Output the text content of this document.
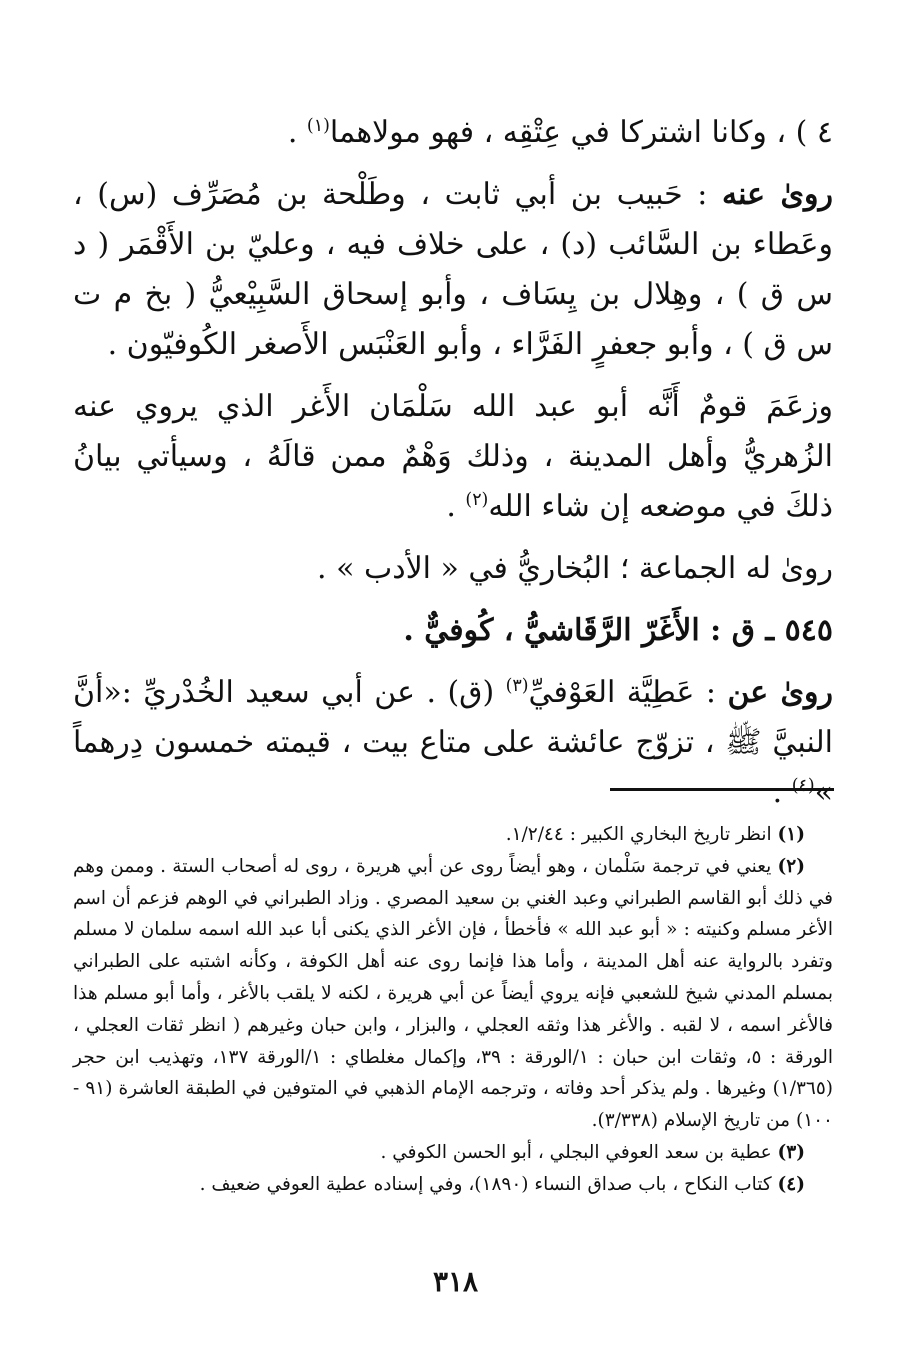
٤ ) ، وكانا اشتركا في عِتْقِه ، فهو مولاهما$^{(١)}$ .

روىٰ عنه : حَبيب بن أبي ثابت ، وطَلْحة بن مُصَرِّف (س) ، وعَطاء بن السَّائب (د) ، على خلاف فيه ، وعليّ بن الأَقْمَر ( د س ق ) ، وهِلال بن يِسَاف ، وأبو إسحاق السَّبِيْعيُّ ( بخ م ت س ق ) ، وأبو جعفرٍ الفَرَّاء ، وأبو العَنْبَس الأَصغر الكُوفيّون .

وزعَمَ قومٌ أَنَّه أبو عبد الله سَلْمَان الأَغر الذي يروي عنه الزُهريُّ وأهل المدينة ، وذلك وَهْمٌ ممن قالَهُ ، وسيأتي بيانُ ذلكَ في موضعه إن شاء الله$^{(٢)}$ .

روىٰ له الجماعة ؛ البُخاريُّ في « الأدب » .

٥٤٥ ـ ق : الأَغَرّ الرَّقَاشيُّ ، كُوفيٌّ .

روىٰ عن : عَطِيَّة العَوْفيِّ$^{(٣)}$ (ق) . عن أبي سعيد الخُدْريِّ :«أنَّ النبيَّ ﷺ ، تزوّج عائشة على متاع بيت ، قيمته خمسون دِرهماً »$^{(٤)}$ .

(١) انظر تاريخ البخاري الكبير : ١/٢/٤٤.

(٢) يعني في ترجمة سَلْمان ، وهو أيضاً روى عن أبي هريرة ، روى له أصحاب الستة . وممن وهم في ذلك أبو القاسم الطبراني وعبد الغني بن سعيد المصري . وزاد الطبراني في الوهم فزعم أن اسم الأغر مسلم وكنيته : « أبو عبد الله » فأخطأ ، فإن الأغر الذي يكنى أبا عبد الله اسمه سلمان لا مسلم وتفرد بالرواية عنه أهل المدينة ، وأما هذا فإنما روى عنه أهل الكوفة ، وكأنه اشتبه على الطبراني بمسلم المدني شيخ للشعبي فإنه يروي أيضاً عن أبي هريرة ، لكنه لا يلقب بالأغر ، وأما أبو مسلم هذا فالأغر اسمه ، لا لقبه . والأغر هذا وثقه العجلي ، والبزار ، وابن حبان وغيرهم ( انظر ثقات العجلي ، الورقة : ٥، وثقات ابن حبان : ١/الورقة : ٣٩، وإكمال مغلطاي : ١/الورقة ١٣٧، وتهذيب ابن حجر (١/٣٦٥) وغيرها . ولم يذكر أحد وفاته ، وترجمه الإمام الذهبي في المتوفين في الطبقة العاشرة (٩١ - ١٠٠) من تاريخ الإسلام (٣/٣٣٨).

(٣) عطية بن سعد العوفي البجلي ، أبو الحسن الكوفي .

(٤) كتاب النكاح ، باب صداق النساء (١٨٩٠)، وفي إسناده عطية العوفي ضعيف .

٣١٨
